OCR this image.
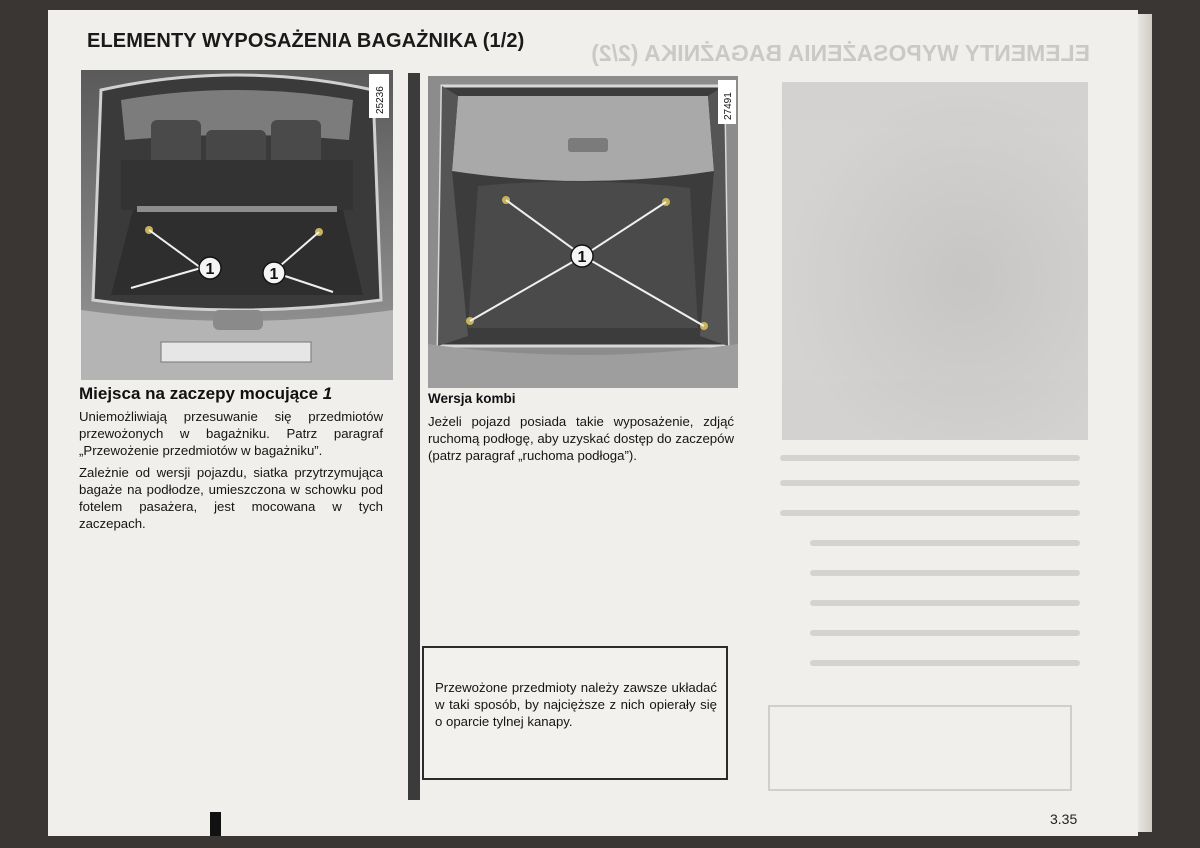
ELEMENTY WYPOSAŻENIA BAGAŻNIKA (2/2)
ELEMENTY WYPOSAŻENIA BAGAŻNIKA (1/2)
1	1
25236
1
27491
Miejsca na zaczepy mocujące 1

Uniemożliwiają przesuwanie się przedmiotów przewożonych w bagażniku. Patrz paragraf „Przewożenie przedmiotów w bagażniku”.

Zależnie od wersji pojazdu, siatka przytrzymująca bagaże na podłodze, umieszczona w schowku pod fotelem pasażera, jest mocowana w tych zaczepach.

Wersja kombi

Jeżeli pojazd posiada takie wyposażenie, zdjąć ruchomą podłogę, aby uzyskać dostęp do zaczepów (patrz paragraf „ruchoma podłoga”).

Przewożone przedmioty należy zawsze układać w taki sposób, by najcięższe z nich opierały się o oparcie tylnej kanapy.

3.35
